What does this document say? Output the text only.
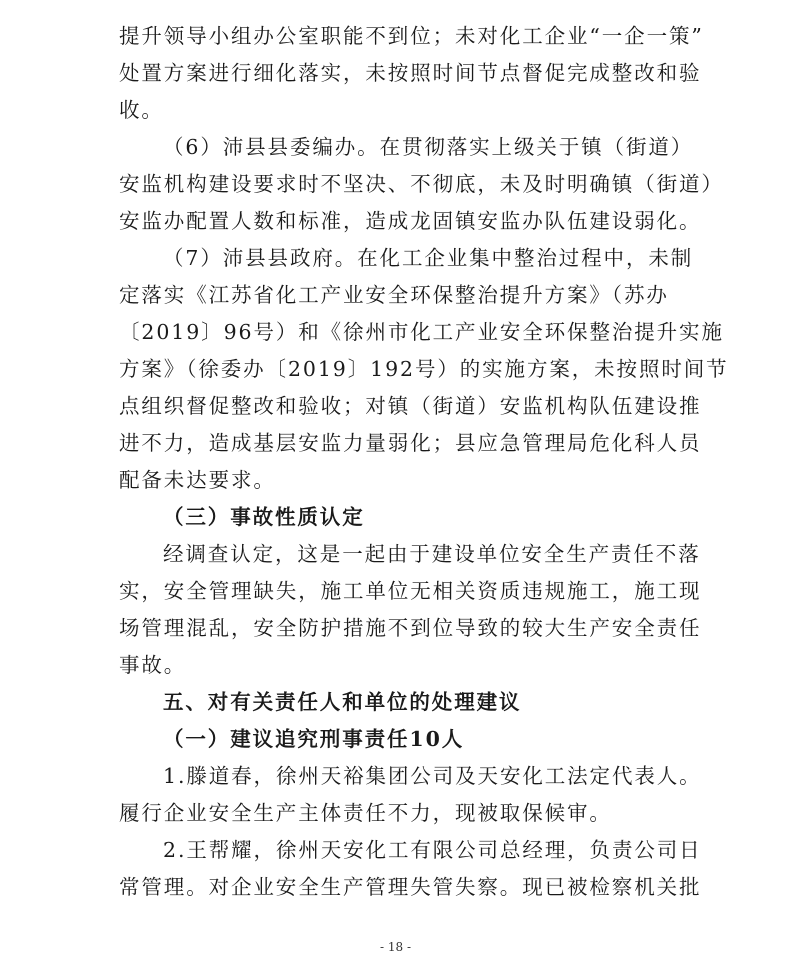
提升领导小组办公室职能不到位；未对化工企业“一企一策”
处置方案进行细化落实，未按照时间节点督促完成整改和验
收。
（6）沛县县委编办。在贯彻落实上级关于镇（街道）
安监机构建设要求时不坚决、不彻底，未及时明确镇（街道）
安监办配置人数和标准，造成龙固镇安监办队伍建设弱化。
（7）沛县县政府。在化工企业集中整治过程中，未制
定落实《江苏省化工产业安全环保整治提升方案》（苏办
〔2019〕96号）和《徐州市化工产业安全环保整治提升实施
方案》（徐委办〔2019〕192号）的实施方案，未按照时间节
点组织督促整改和验收；对镇（街道）安监机构队伍建设推
进不力，造成基层安监力量弱化；县应急管理局危化科人员
配备未达要求。
（三）事故性质认定
经调查认定，这是一起由于建设单位安全生产责任不落
实，安全管理缺失，施工单位无相关资质违规施工，施工现
场管理混乱，安全防护措施不到位导致的较大生产安全责任
事故。
五、对有关责任人和单位的处理建议
（一）建议追究刑事责任10人
1.滕道春，徐州天裕集团公司及天安化工法定代表人。
履行企业安全生产主体责任不力，现被取保候审。
2.王帮耀，徐州天安化工有限公司总经理，负责公司日
常管理。对企业安全生产管理失管失察。现已被检察机关批
- 18 -
